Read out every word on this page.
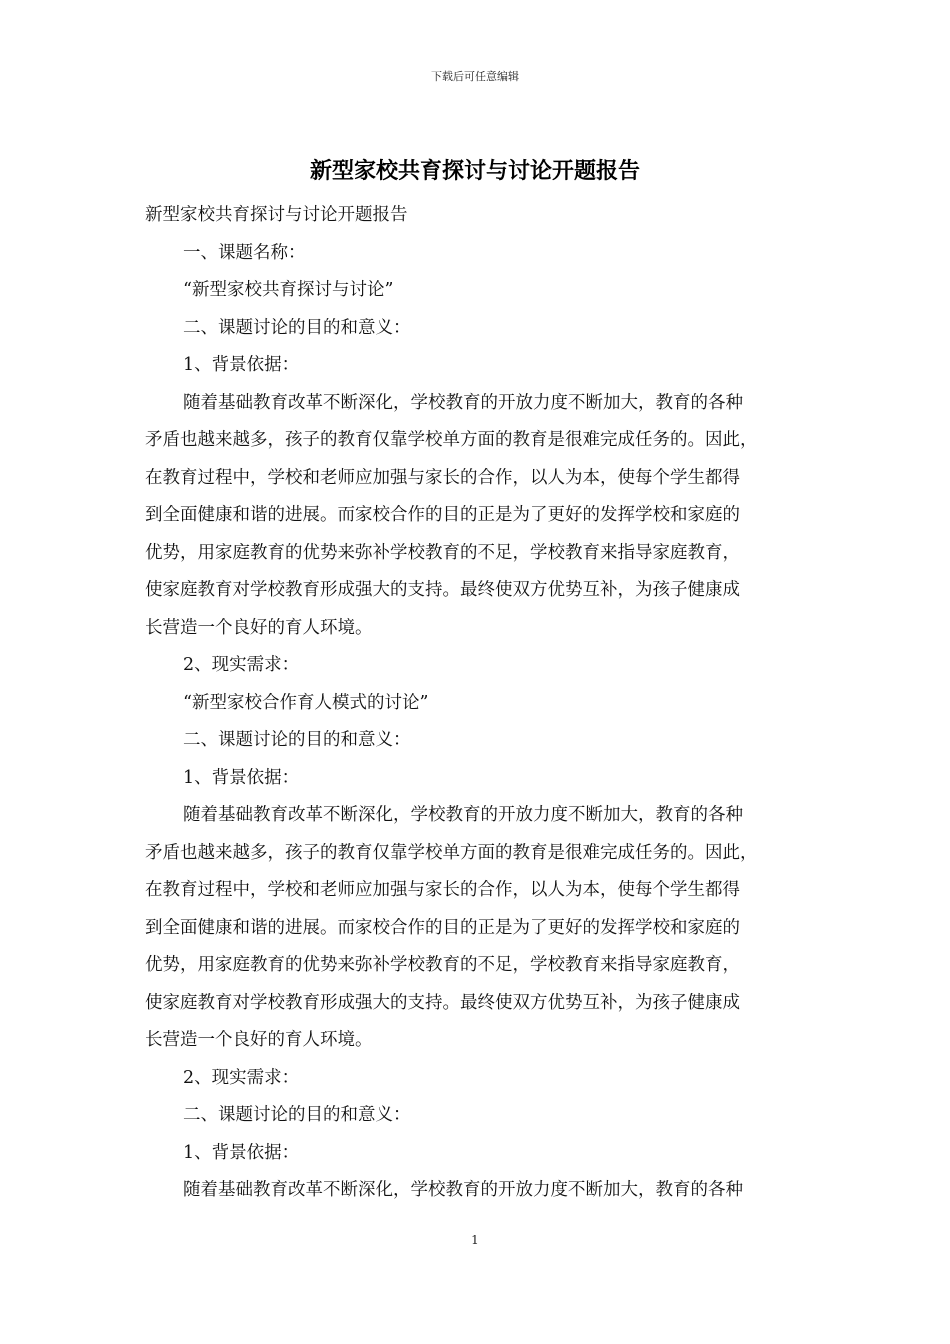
下载后可任意编辑
新型家校共育探讨与讨论开题报告

新型家校共育探讨与讨论开题报告

一、课题名称：

“新型家校共育探讨与讨论”

二、课题讨论的目的和意义：

1、背景依据：

随着基础教育改革不断深化，学校教育的开放力度不断加大，教育的各种
矛盾也越来越多，孩子的教育仅靠学校单方面的教育是很难完成任务的。因此，
在教育过程中，学校和老师应加强与家长的合作，以人为本，使每个学生都得
到全面健康和谐的进展。而家校合作的目的正是为了更好的发挥学校和家庭的
优势，用家庭教育的优势来弥补学校教育的不足，学校教育来指导家庭教育，
使家庭教育对学校教育形成强大的支持。最终使双方优势互补，为孩子健康成
长营造一个良好的育人环境。

2、现实需求：

“新型家校合作育人模式的讨论”

二、课题讨论的目的和意义：

1、背景依据：

随着基础教育改革不断深化，学校教育的开放力度不断加大，教育的各种
矛盾也越来越多，孩子的教育仅靠学校单方面的教育是很难完成任务的。因此，
在教育过程中，学校和老师应加强与家长的合作，以人为本，使每个学生都得
到全面健康和谐的进展。而家校合作的目的正是为了更好的发挥学校和家庭的
优势，用家庭教育的优势来弥补学校教育的不足，学校教育来指导家庭教育，
使家庭教育对学校教育形成强大的支持。最终使双方优势互补，为孩子健康成
长营造一个良好的育人环境。

2、现实需求：

二、课题讨论的目的和意义：

1、背景依据：

随着基础教育改革不断深化，学校教育的开放力度不断加大，教育的各种

1
